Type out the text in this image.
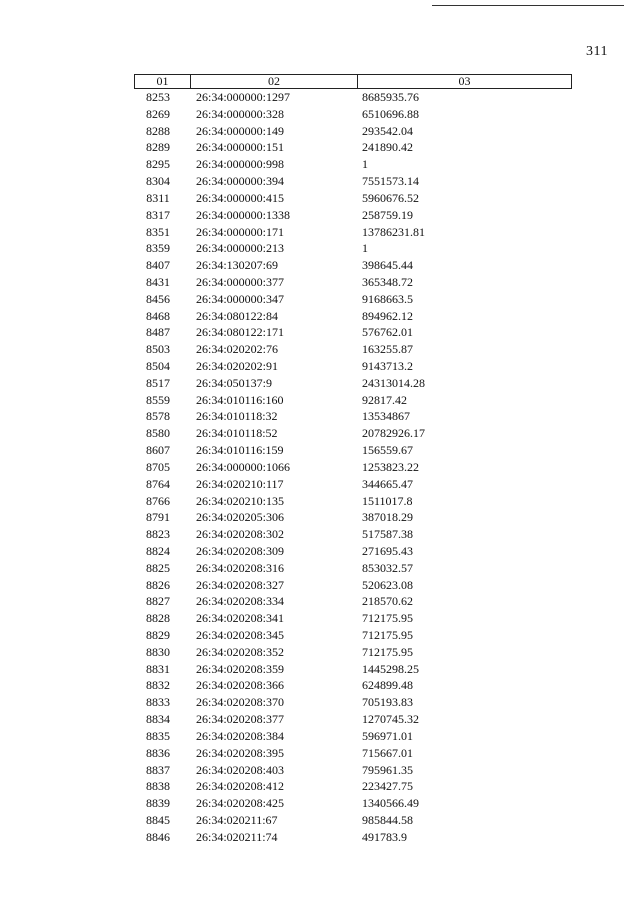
311
01	02	03
8253	26:34:000000:1297	8685935.76
8269	26:34:000000:328	6510696.88
8288	26:34:000000:149	293542.04
8289	26:34:000000:151	241890.42
8295	26:34:000000:998	1
8304	26:34:000000:394	7551573.14
8311	26:34:000000:415	5960676.52
8317	26:34:000000:1338	258759.19
8351	26:34:000000:171	13786231.81
8359	26:34:000000:213	1
8407	26:34:130207:69	398645.44
8431	26:34:000000:377	365348.72
8456	26:34:000000:347	9168663.5
8468	26:34:080122:84	894962.12
8487	26:34:080122:171	576762.01
8503	26:34:020202:76	163255.87
8504	26:34:020202:91	9143713.2
8517	26:34:050137:9	24313014.28
8559	26:34:010116:160	92817.42
8578	26:34:010118:32	13534867
8580	26:34:010118:52	20782926.17
8607	26:34:010116:159	156559.67
8705	26:34:000000:1066	1253823.22
8764	26:34:020210:117	344665.47
8766	26:34:020210:135	1511017.8
8791	26:34:020205:306	387018.29
8823	26:34:020208:302	517587.38
8824	26:34:020208:309	271695.43
8825	26:34:020208:316	853032.57
8826	26:34:020208:327	520623.08
8827	26:34:020208:334	218570.62
8828	26:34:020208:341	712175.95
8829	26:34:020208:345	712175.95
8830	26:34:020208:352	712175.95
8831	26:34:020208:359	1445298.25
8832	26:34:020208:366	624899.48
8833	26:34:020208:370	705193.83
8834	26:34:020208:377	1270745.32
8835	26:34:020208:384	596971.01
8836	26:34:020208:395	715667.01
8837	26:34:020208:403	795961.35
8838	26:34:020208:412	223427.75
8839	26:34:020208:425	1340566.49
8845	26:34:020211:67	985844.58
8846	26:34:020211:74	491783.9
